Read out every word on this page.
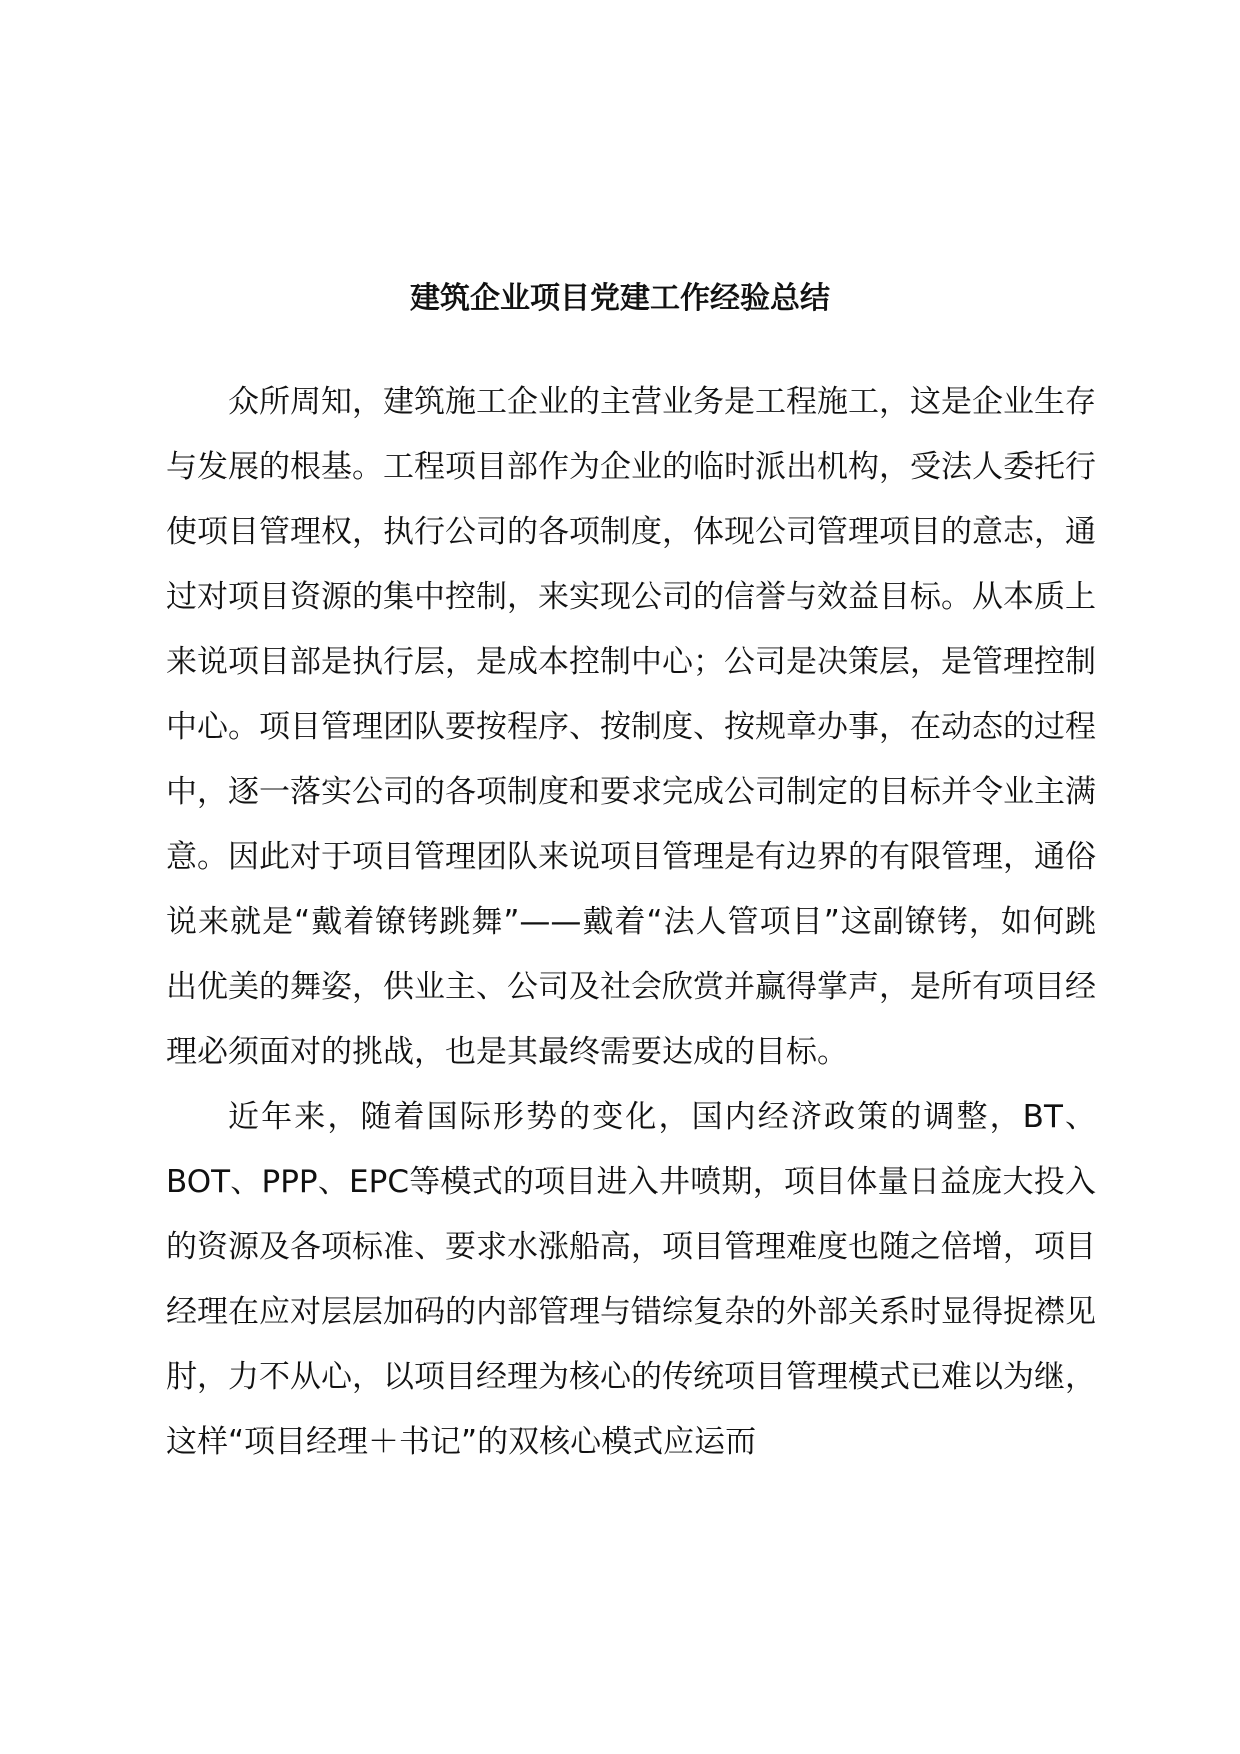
建筑企业项目党建工作经验总结

众所周知，建筑施工企业的主营业务是工程施工，这是企业生存与发展的根基。工程项目部作为企业的临时派出机构，受法人委托行使项目管理权，执行公司的各项制度，体现公司管理项目的意志，通过对项目资源的集中控制，来实现公司的信誉与效益目标。从本质上来说项目部是执行层，是成本控制中心；公司是决策层，是管理控制中心。项目管理团队要按程序、按制度、按规章办事，在动态的过程中，逐一落实公司的各项制度和要求完成公司制定的目标并令业主满意。因此对于项目管理团队来说项目管理是有边界的有限管理，通俗说来就是“戴着镣铐跳舞”——戴着“法人管项目”这副镣铐，如何跳出优美的舞姿，供业主、公司及社会欣赏并赢得掌声，是所有项目经理必须面对的挑战，也是其最终需要达成的目标。

近年来，随着国际形势的变化，国内经济政策的调整，BT、BOT、PPP、EPC等模式的项目进入井喷期，项目体量日益庞大投入的资源及各项标准、要求水涨船高，项目管理难度也随之倍增，项目经理在应对层层加码的内部管理与错综复杂的外部关系时显得捉襟见肘，力不从心，以项目经理为核心的传统项目管理模式已难以为继，这样“项目经理＋书记”的双核心模式应运而
